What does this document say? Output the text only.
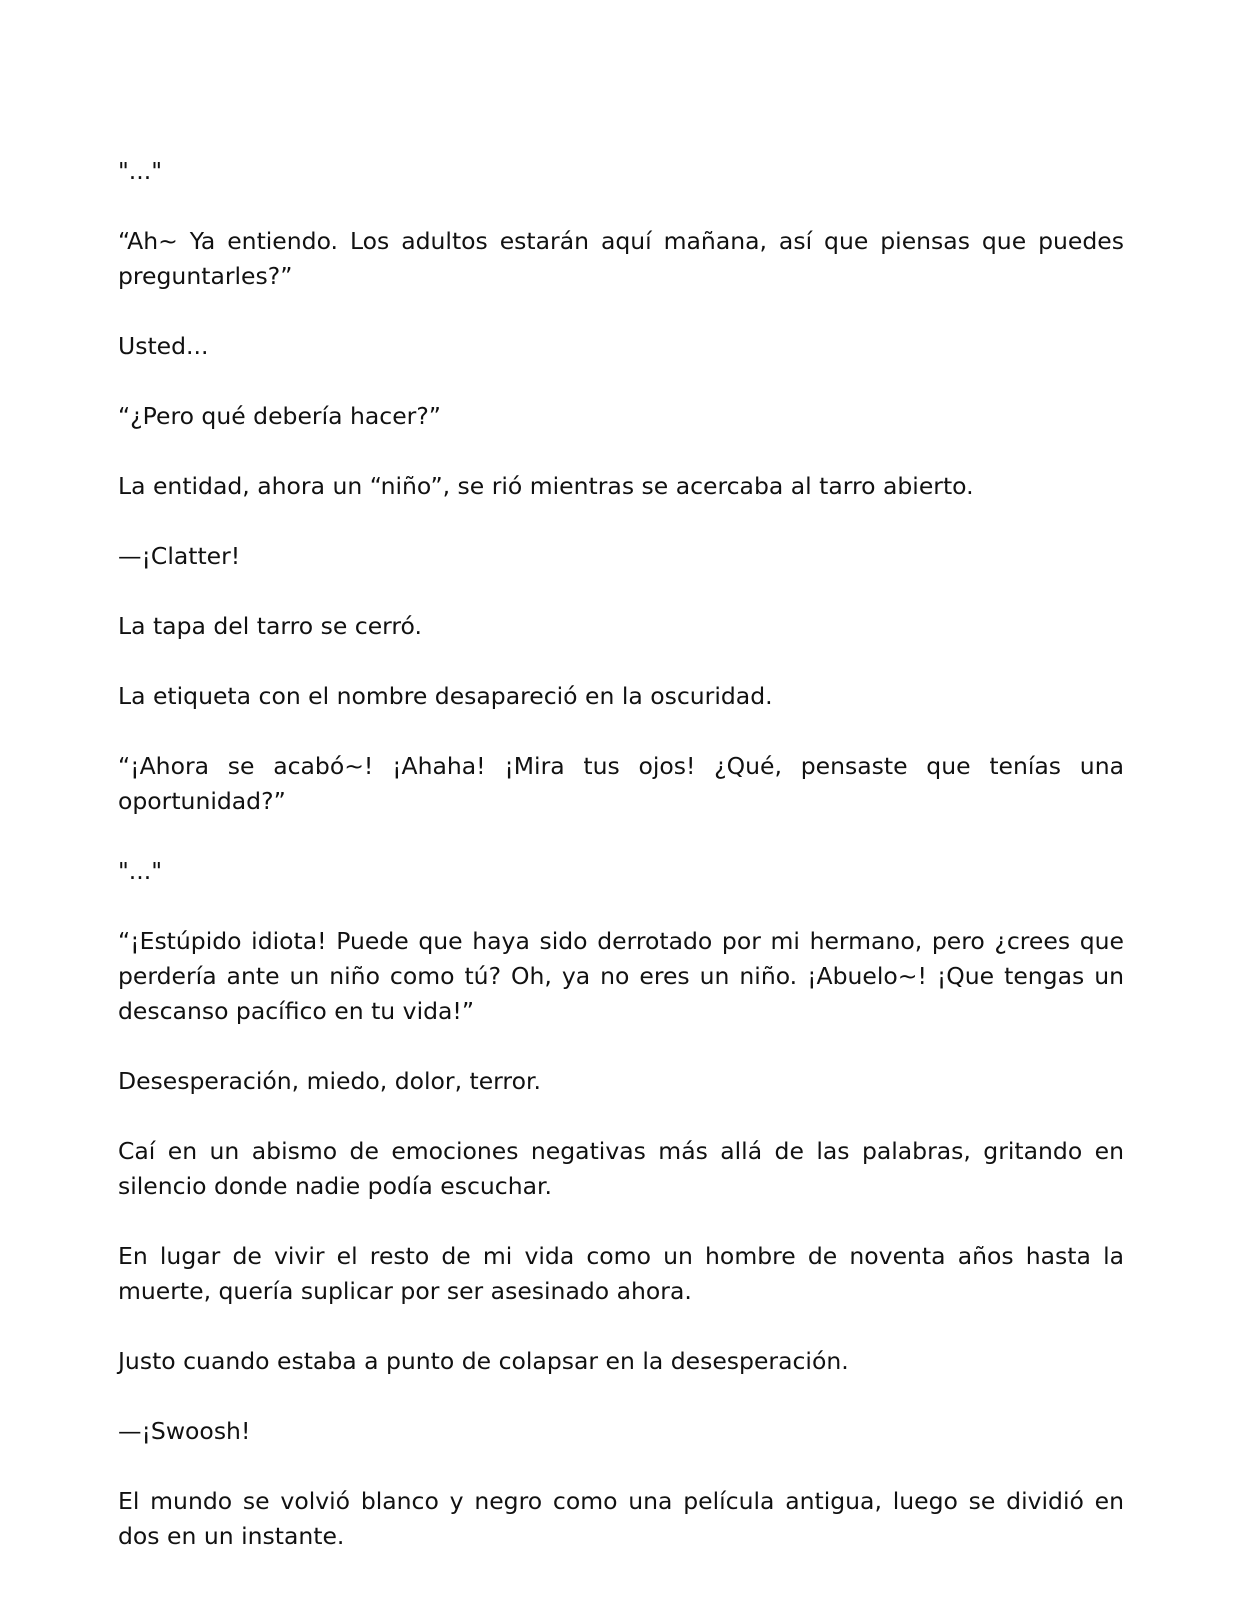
"..."

“Ah~ Ya entiendo. Los adultos estarán aquí mañana, así que piensas que puedes preguntarles?”

Usted...

“¿Pero qué debería hacer?”

La entidad, ahora un “niño”, se rió mientras se acercaba al tarro abierto.

—¡Clatter!

La tapa del tarro se cerró.

La etiqueta con el nombre desapareció en la oscuridad.

“¡Ahora se acabó~! ¡Ahaha! ¡Mira tus ojos! ¿Qué, pensaste que tenías una oportunidad?”

"..."

“¡Estúpido idiota! Puede que haya sido derrotado por mi hermano, pero ¿crees que perdería ante un niño como tú? Oh, ya no eres un niño. ¡Abuelo~! ¡Que tengas un descanso pacífico en tu vida!”

Desesperación, miedo, dolor, terror.

Caí en un abismo de emociones negativas más allá de las palabras, gritando en silencio donde nadie podía escuchar.

En lugar de vivir el resto de mi vida como un hombre de noventa años hasta la muerte, quería suplicar por ser asesinado ahora.

Justo cuando estaba a punto de colapsar en la desesperación.

—¡Swoosh!

El mundo se volvió blanco y negro como una película antigua, luego se dividió en dos en un instante.
